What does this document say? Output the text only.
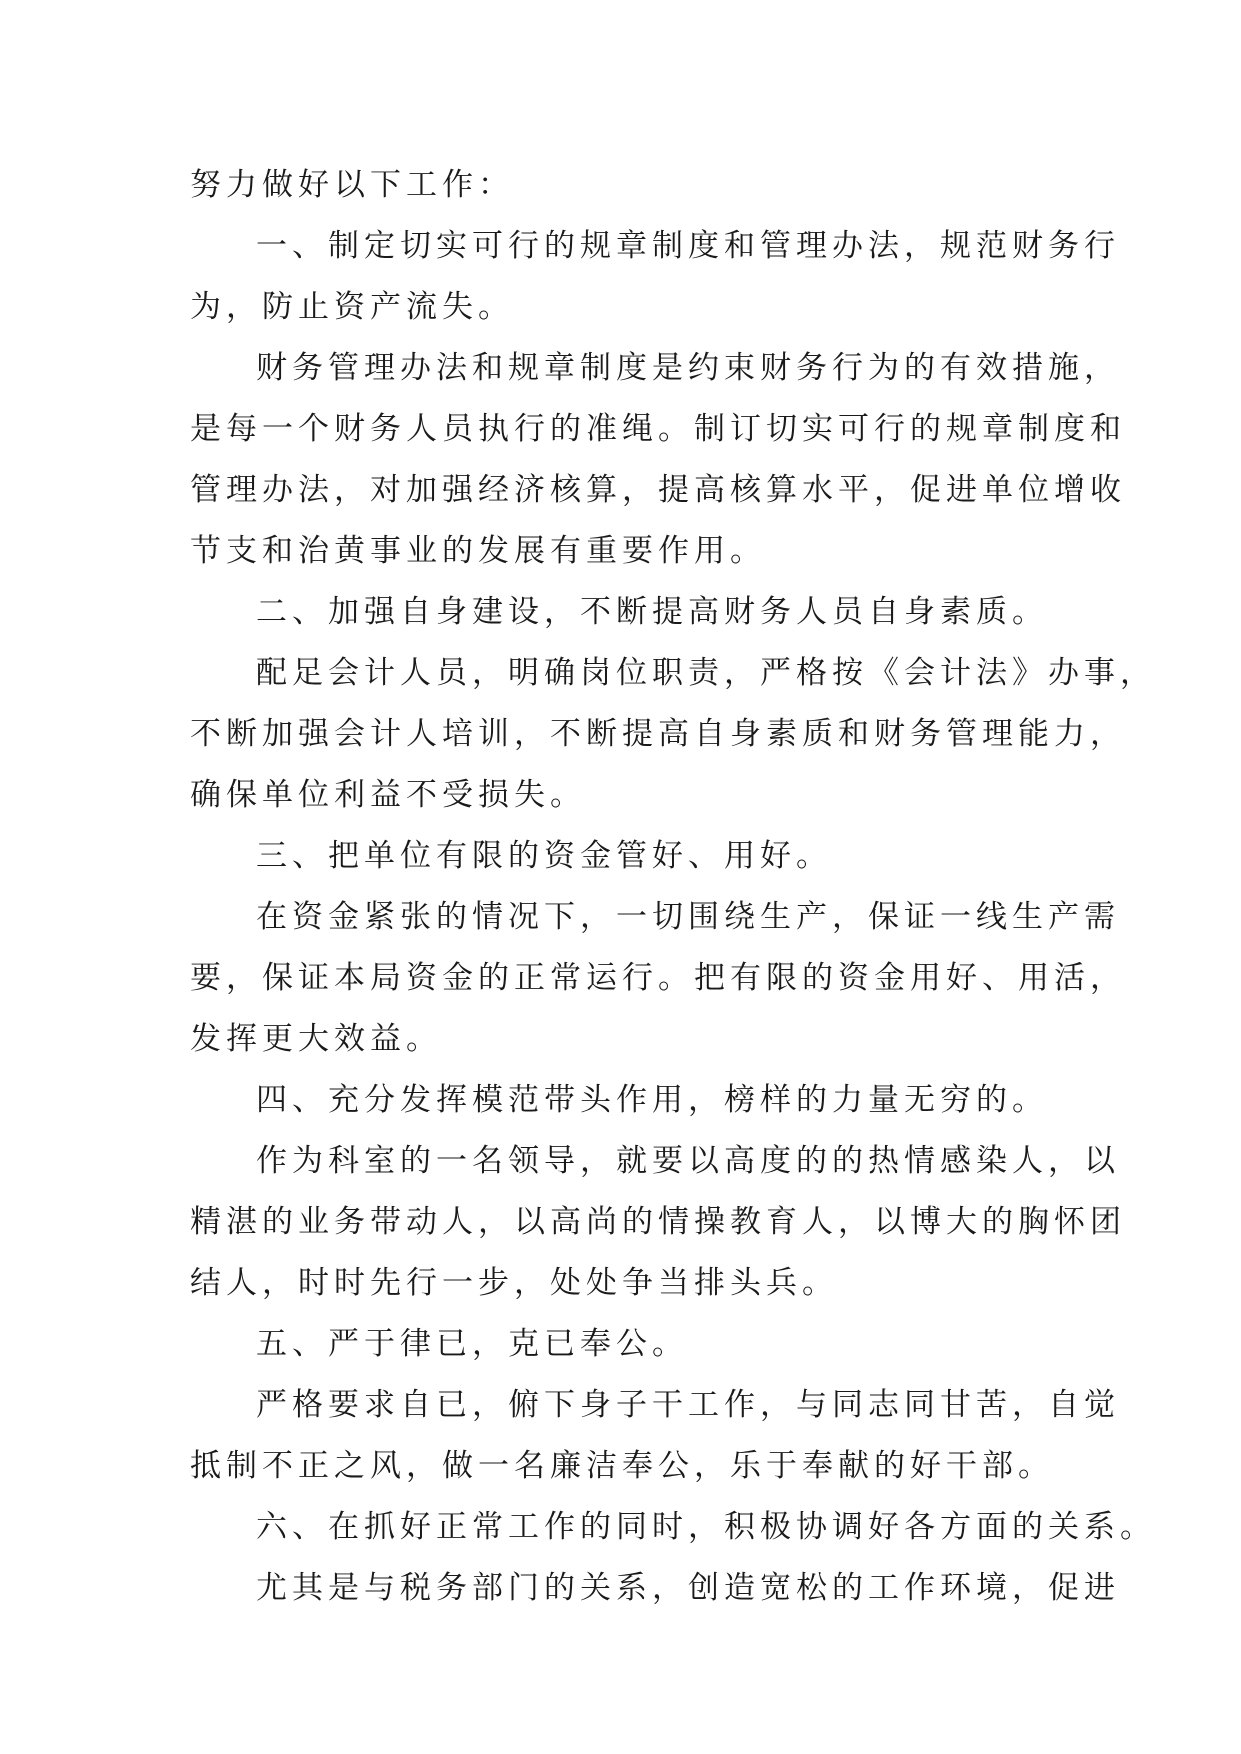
努力做好以下工作：
一、制定切实可行的规章制度和管理办法，规范财务行
为，防止资产流失。
财务管理办法和规章制度是约束财务行为的有效措施，
是每一个财务人员执行的准绳。制订切实可行的规章制度和
管理办法，对加强经济核算，提高核算水平，促进单位增收
节支和治黄事业的发展有重要作用。
二、加强自身建设，不断提高财务人员自身素质。
配足会计人员，明确岗位职责，严格按《会计法》办事，
不断加强会计人培训，不断提高自身素质和财务管理能力，
确保单位利益不受损失。
三、把单位有限的资金管好、用好。
在资金紧张的情况下，一切围绕生产，保证一线生产需
要，保证本局资金的正常运行。把有限的资金用好、用活，
发挥更大效益。
四、充分发挥模范带头作用，榜样的力量无穷的。
作为科室的一名领导，就要以高度的的热情感染人，以
精湛的业务带动人，以高尚的情操教育人，以博大的胸怀团
结人，时时先行一步，处处争当排头兵。
五、严于律已，克已奉公。
严格要求自已，俯下身子干工作，与同志同甘苦，自觉
抵制不正之风，做一名廉洁奉公，乐于奉献的好干部。
六、在抓好正常工作的同时，积极协调好各方面的关系。
尤其是与税务部门的关系，创造宽松的工作环境，促进
